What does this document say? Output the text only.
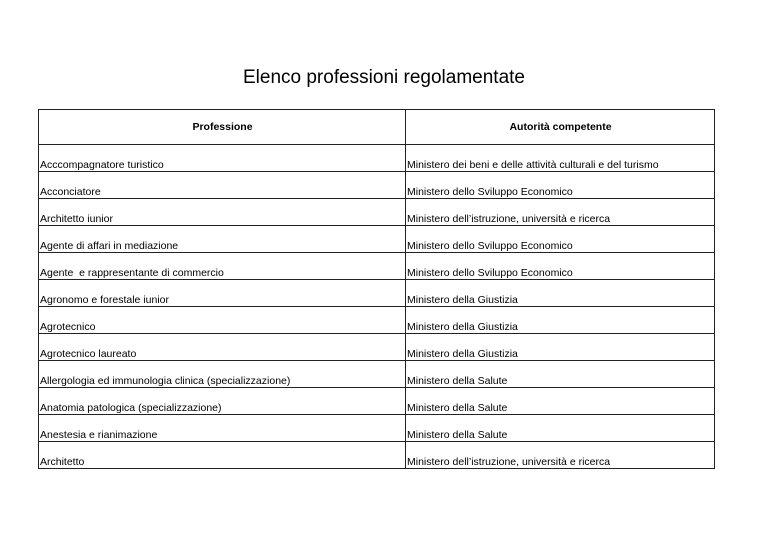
Elenco professioni regolamentate
Professione	Autorità competente
Acccompagnatore turistico	Ministero dei beni e delle attività culturali e del turismo
Acconciatore	Ministero dello Sviluppo Economico
Architetto iunior	Ministero dell’istruzione, università e ricerca
Agente di affari in mediazione	Ministero dello Sviluppo Economico
Agente  e rappresentante di commercio	Ministero dello Sviluppo Economico
Agronomo e forestale iunior	Ministero della Giustizia
Agrotecnico	Ministero della Giustizia
Agrotecnico laureato	Ministero della Giustizia
Allergologia ed immunologia clinica (specializzazione)	Ministero della Salute
Anatomia patologica (specializzazione)	Ministero della Salute
Anestesia e rianimazione	Ministero della Salute
Architetto	Ministero dell’istruzione, università e ricerca
